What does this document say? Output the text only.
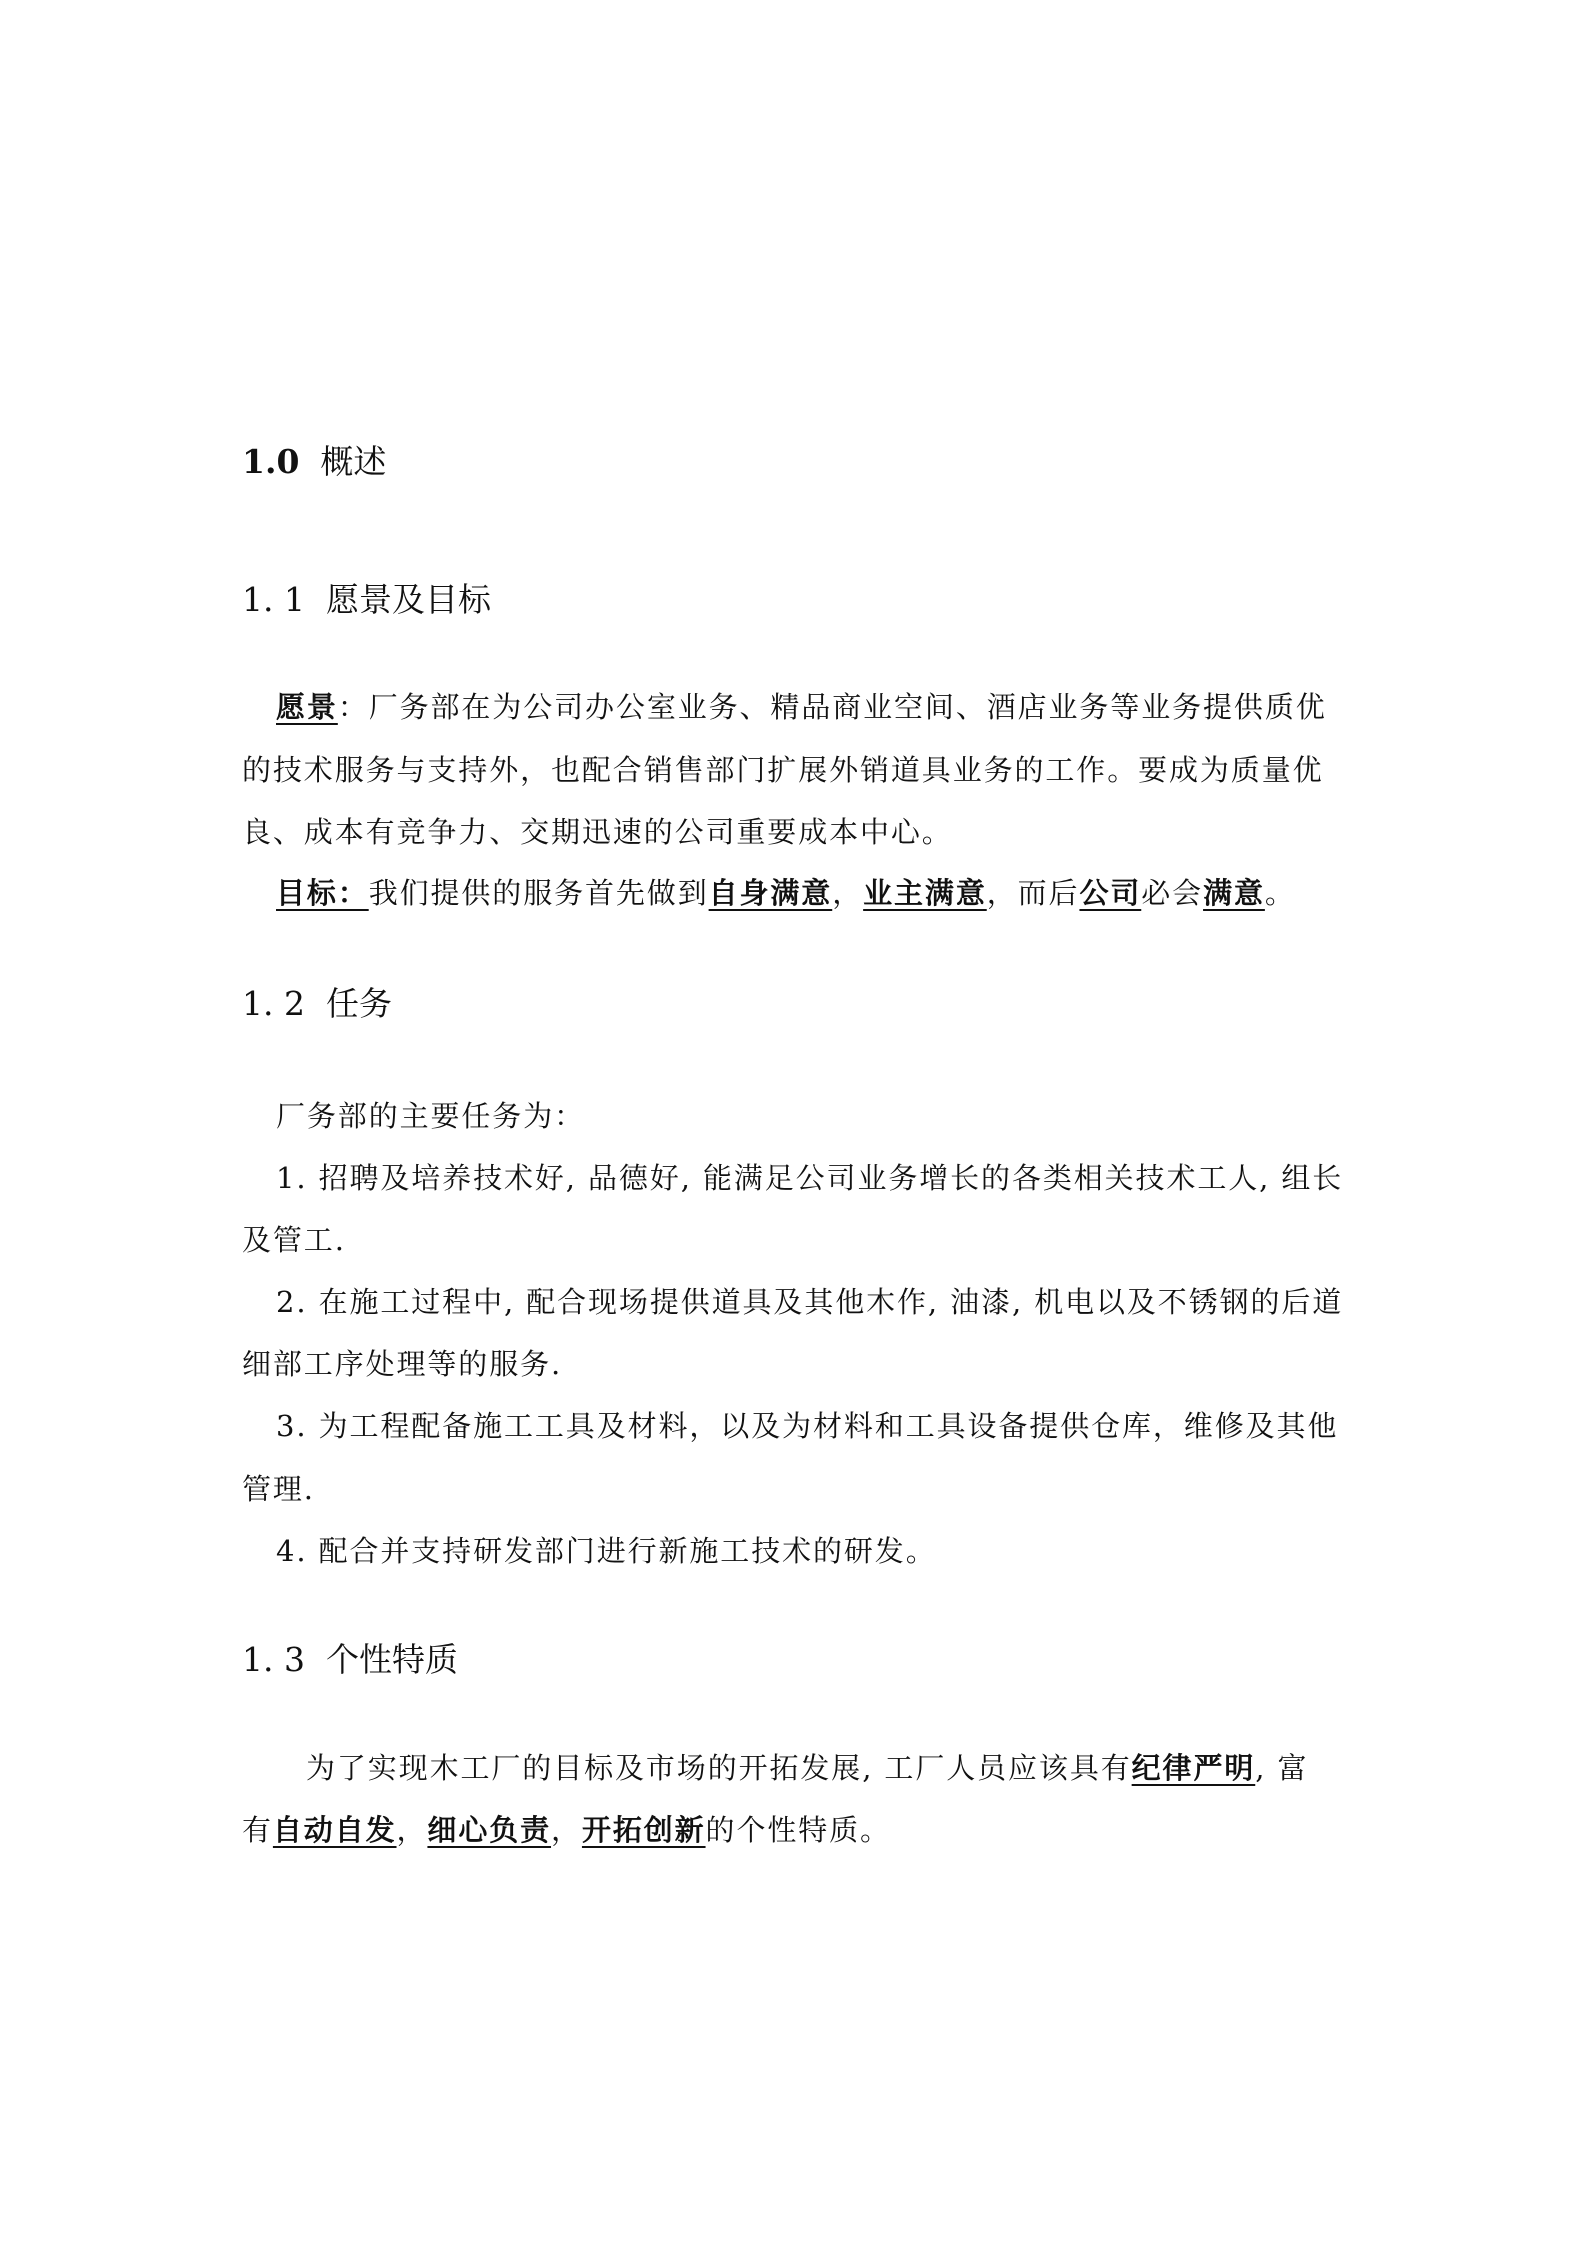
1.0 概述
1. 1 愿景及目标
愿景：厂务部在为公司办公室业务、精品商业空间、酒店业务等业务提供质优
的技术服务与支持外，也配合销售部门扩展外销道具业务的工作。要成为质量优
良、成本有竞争力、交期迅速的公司重要成本中心。
目标：我们提供的服务首先做到自身满意，业主满意，而后公司必会满意。
1. 2 任务
厂务部的主要任务为：
1. 招聘及培养技术好, 品德好, 能满足公司业务增长的各类相关技术工人, 组长
及管工.
2. 在施工过程中, 配合现场提供道具及其他木作, 油漆, 机电以及不锈钢的后道
细部工序处理等的服务.
3. 为工程配备施工工具及材料，以及为材料和工具设备提供仓库，维修及其他
管理.
4. 配合并支持研发部门进行新施工技术的研发。
1. 3 个性特质
为了实现木工厂的目标及市场的开拓发展, 工厂人员应该具有纪律严明, 富
有自动自发，细心负责，开拓创新的个性特质。
